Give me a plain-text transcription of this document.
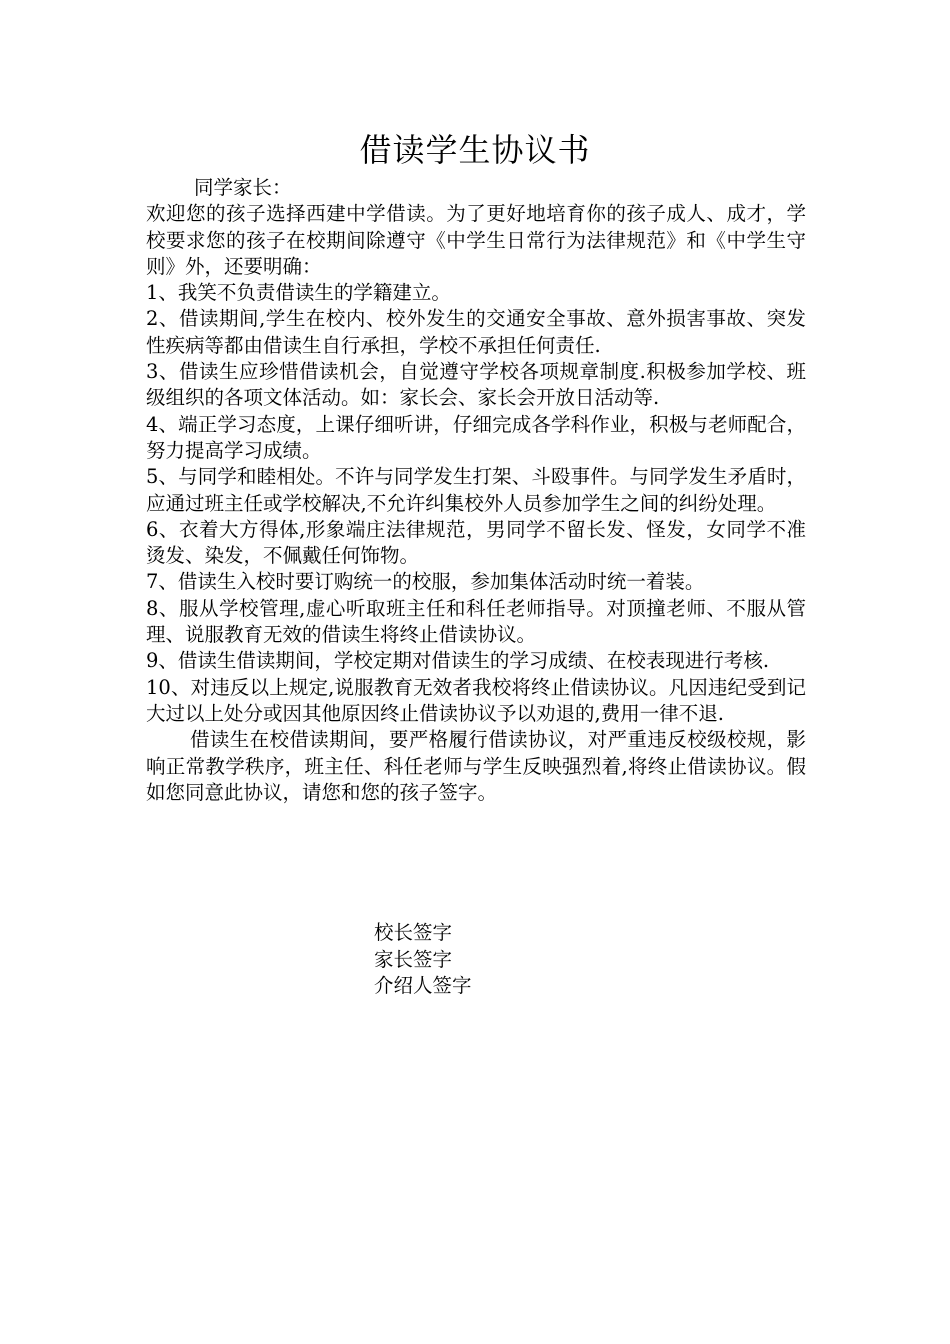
借读学生协议书

同学家长：

欢迎您的孩子选择西建中学借读。为了更好地培育你的孩子成人、成才，学校要求您的孩子在校期间除遵守《中学生日常行为法律规范》和《中学生守则》外，还要明确：

1、我笑不负责借读生的学籍建立。

2、借读期间,学生在校内、校外发生的交通安全事故、意外损害事故、突发性疾病等都由借读生自行承担，学校不承担任何责任.

3、借读生应珍惜借读机会，自觉遵守学校各项规章制度.积极参加学校、班级组织的各项文体活动。如：家长会、家长会开放日活动等.

4、端正学习态度，上课仔细听讲，仔细完成各学科作业，积极与老师配合，努力提高学习成绩。

5、与同学和睦相处。不许与同学发生打架、斗殴事件。与同学发生矛盾时，应通过班主任或学校解决,不允许纠集校外人员参加学生之间的纠纷处理。

6、衣着大方得体,形象端庄法律规范，男同学不留长发、怪发，女同学不准烫发、染发，不佩戴任何饰物。

7、借读生入校时要订购统一的校服，参加集体活动时统一着装。

8、服从学校管理,虚心听取班主任和科任老师指导。对顶撞老师、不服从管理、说服教育无效的借读生将终止借读协议。

9、借读生借读期间，学校定期对借读生的学习成绩、在校表现进行考核.

10、对违反以上规定,说服教育无效者我校将终止借读协议。凡因违纪受到记大过以上处分或因其他原因终止借读协议予以劝退的,费用一律不退.

借读生在校借读期间，要严格履行借读协议，对严重违反校级校规，影响正常教学秩序，班主任、科任老师与学生反映强烈着,将终止借读协议。假如您同意此协议，请您和您的孩子签字。

校长签字
家长签字
介绍人签字
